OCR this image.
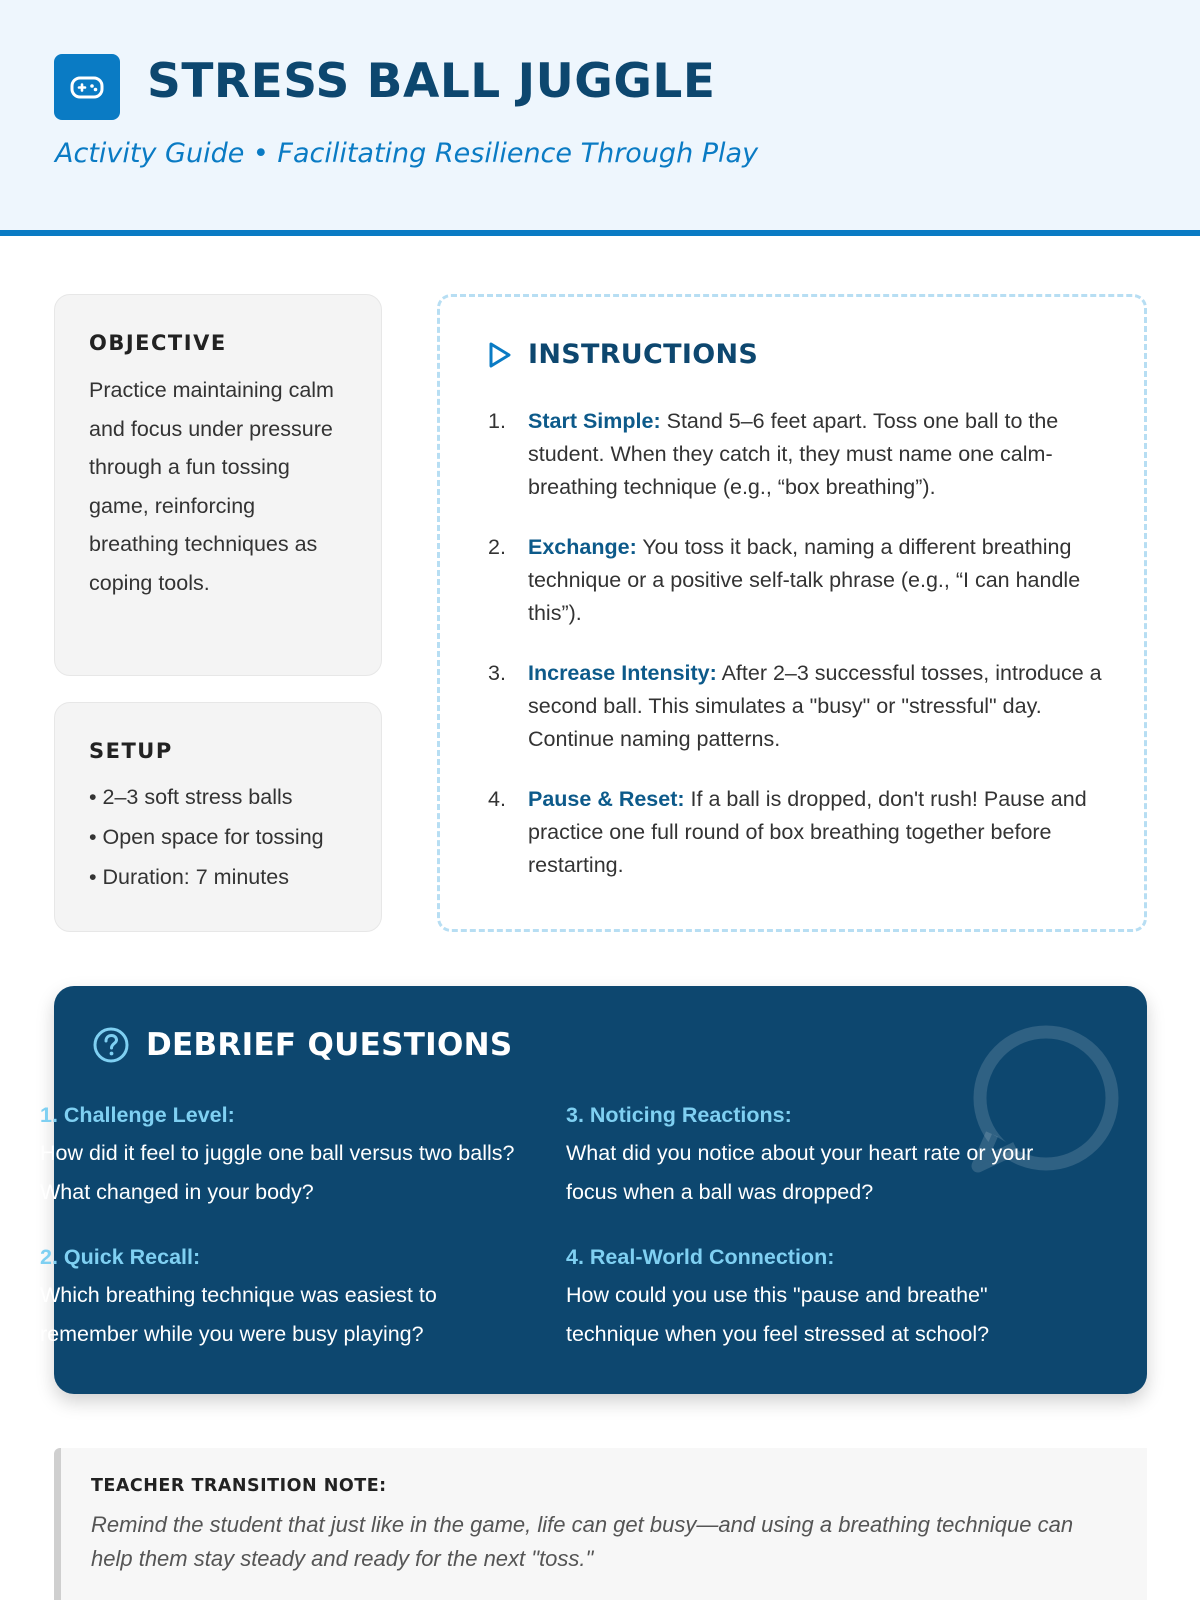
STRESS BALL JUGGLE
Activity Guide • Facilitating Resilience Through Play
OBJECTIVE

Practice maintaining calm and focus under pressure through a fun tossing game, reinforcing breathing techniques as coping tools.

SETUP
• 2–3 soft stress balls
• Open space for tossing
• Duration: 7 minutes
INSTRUCTIONS
1.	Start Simple: Stand 5–6 feet apart. Toss one ball to the student. When they catch it, they must name one calm-breathing technique (e.g., “box breathing”).
2.	Exchange: You toss it back, naming a different breathing technique or a positive self-talk phrase (e.g., “I can handle this”).
3.	Increase Intensity: After 2–3 successful tosses, introduce a second ball. This simulates a "busy" or "stressful" day. Continue naming patterns.
4.	Pause & Reset: If a ball is dropped, don't rush! Pause and practice one full round of box breathing together before restarting.
DEBRIEF QUESTIONS
1. Challenge Level:
How did it feel to juggle one ball versus two balls? What changed in your body?
2. Quick Recall:
Which breathing technique was easiest to remember while you were busy playing?
3. Noticing Reactions:
What did you notice about your heart rate or your focus when a ball was dropped?
4. Real-World Connection:
How could you use this "pause and breathe" technique when you feel stressed at school?
TEACHER TRANSITION NOTE:

Remind the student that just like in the game, life can get busy—and using a breathing technique can help them stay steady and ready for the next "toss."
